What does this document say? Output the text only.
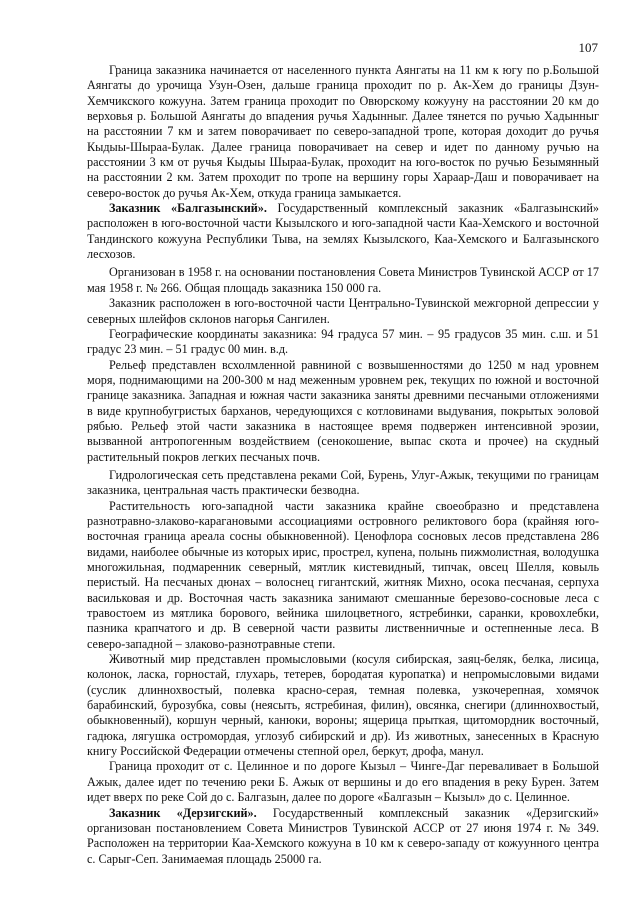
107

Граница заказника начинается от населенного пункта Аянгаты на 11 км к югу по р.Большой Аянгаты до урочища Узун-Озен, дальше граница проходит по р. Ак-Хем до границы Дзун-Хемчикского кожууна. Затем граница проходит по Овюрскому кожууну на расстоянии 20 км до верховья р. Большой Аянгаты до впадения ручья Хадынныг. Далее тянется по ручью Хадынныг на расстоянии 7 км и затем поворачивает по северо-западной тропе, которая доходит до ручья Кыдыы-Шыраа-Булак. Далее граница поворачивает на север и идет по данному ручью на расстоянии 3 км от ручья Кыдыы Шыраа-Булак, проходит на юго-восток по ручью Безымянный на расстоянии 2 км. Затем проходит по тропе на вершину горы Хараар-Даш и поворачивает на северо-восток до ручья Ак-Хем, откуда граница замыкается.

Заказник «Балгазынский». Государственный комплексный заказник «Балгазынский» расположен в юго-восточной части Кызылского и юго-западной части Каа-Хемского и восточной Тандинского кожууна Республики Тыва, на землях Кызылского, Каа-Хемского и Балгазынского лесхозов.

Организован в 1958 г. на основании постановления Совета Министров Тувинской АССР от 17 мая 1958 г. № 266. Общая площадь заказника 150 000 га.

Заказник расположен в юго-восточной части Центрально-Тувинской межгорной депрессии у северных шлейфов склонов нагорья Сангилен.

Географические координаты заказника: 94 градуса 57 мин. – 95 градусов 35 мин. с.ш. и 51 градус 23 мин. – 51 градус 00 мин. в.д.

Рельеф представлен всхолмленной равниной с возвышенностями до 1250 м над уровнем моря, поднимающими на 200-300 м над меженным уровнем рек, текущих по южной и восточной границе заказника. Западная и южная части заказника заняты древними песчаными отложениями в виде крупнобугристых барханов, чередующихся с котловинами выдувания, покрытых эоловой рябью. Рельеф этой части заказника в настоящее время подвержен интенсивной эрозии, вызванной антропогенным воздействием (сенокошение, выпас скота и прочее) на скудный растительный покров легких песчаных почв.

Гидрологическая сеть представлена реками Сой, Бурень, Улуг-Ажык, текущими по границам заказника, центральная часть практически безводна.

Растительность юго-западной части заказника крайне своеобразно и представлена разнотравно-злаково-карагановыми ассоциациями островного реликтового бора (крайняя юго-восточная граница ареала сосны обыкновенной). Ценофлора сосновых лесов представлена 286 видами, наиболее обычные из которых ирис, прострел, купена, полынь пижмолистная, володушка многожильная, подмаренник северный, мятлик кистевидный, типчак, овсец Шелля, ковыль перистый. На песчаных дюнах – волоснец гигантский, житняк Михно, осока песчаная, серпуха васильковая и др. Восточная часть заказника занимают смешанные березово-сосновые леса с травостоем из мятлика борового, вейника шилоцветного, ястребинки, саранки, кровохлебки, пазника крапчатого и др. В северной части развиты лиственничные и остепненные леса. В северо-западной – злаково-разнотравные степи.

Животный мир представлен промысловыми (косуля сибирская, заяц-беляк, белка, лисица, колонок, ласка, горностай, глухарь, тетерев, бородатая куропатка) и непромысловыми видами (суслик длиннохвостый, полевка красно-серая, темная полевка, узкочерепная, хомячок барабинский, бурозубка, совы (неясыть, ястребиная, филин), овсянка, снегири (длиннохвостый, обыкновенный), коршун черный, канюки, вороны; ящерица прыткая, щитомордник восточный, гадюка, лягушка остромордая, углозуб сибирский и др). Из животных, занесенных в Красную книгу Российской Федерации отмечены степной орел, беркут, дрофа, манул.

Граница проходит от с. Целинное и по дороге Кызыл – Чинге-Даг переваливает в Большой Ажык, далее идет по течению реки Б. Ажык от вершины и до его впадения в реку Бурен. Затем идет вверх по реке Сой до с. Балгазын, далее по дороге «Балгазын – Кызыл» до с. Целинное.

Заказник «Дерзигский». Государственный комплексный заказник «Дерзигский» организован постановлением Совета Министров Тувинской АССР от 27 июня 1974 г. № 349. Расположен на территории Каа-Хемского кожууна в 10 км к северо-западу от кожуунного центра с. Сарыг-Сеп. Занимаемая площадь 25000 га.
